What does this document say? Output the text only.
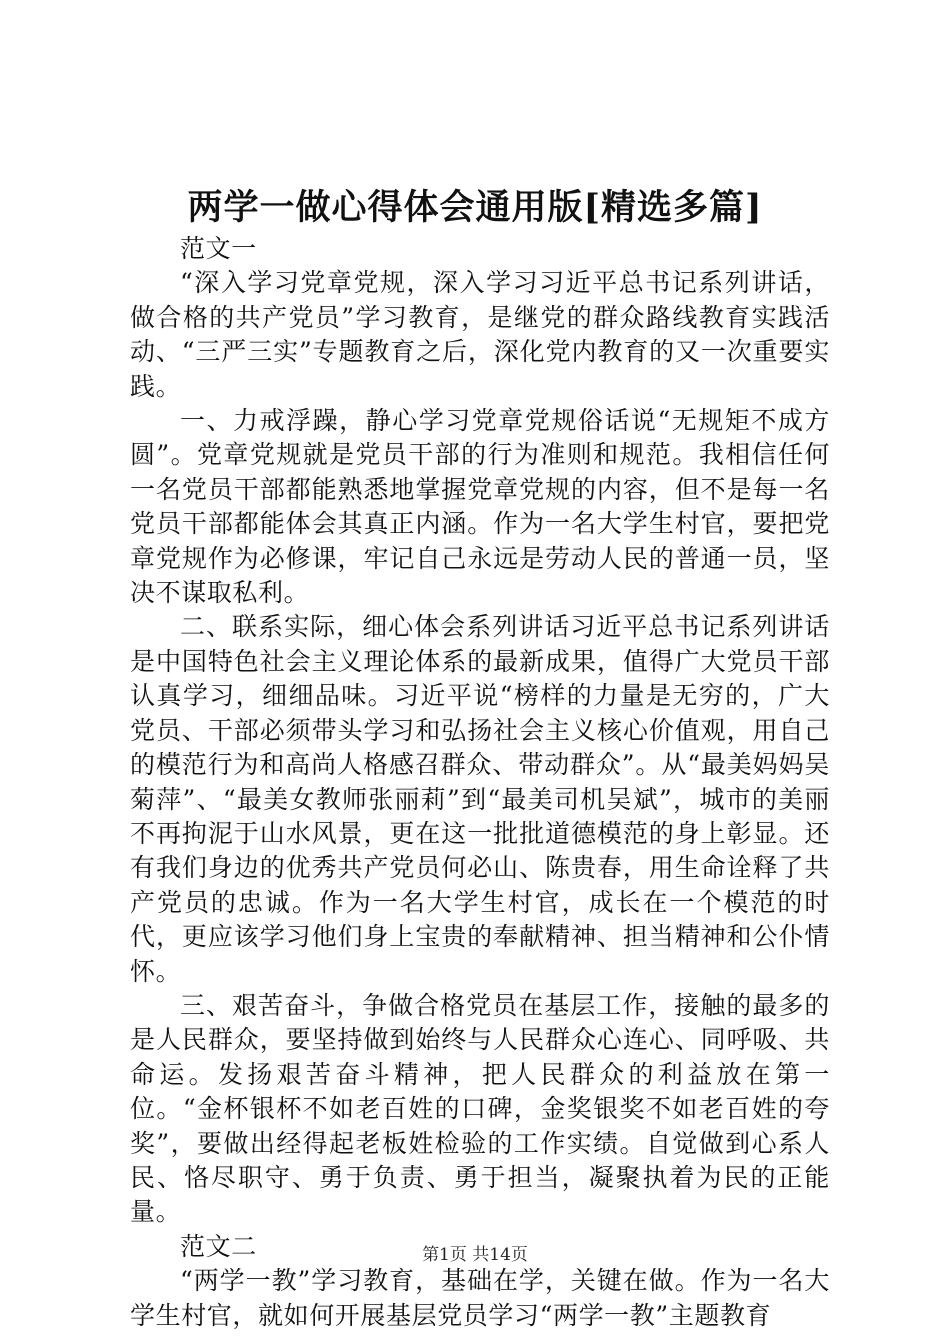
两学一做心得体会通用版[精选多篇]

范文一

“深入学习党章党规，深入学习习近平总书记系列讲话，做合格的共产党员”学习教育，是继党的群众路线教育实践活动、“三严三实”专题教育之后，深化党内教育的又一次重要实践。

一、力戒浮躁，静心学习党章党规俗话说“无规矩不成方圆”。党章党规就是党员干部的行为准则和规范。我相信任何一名党员干部都能熟悉地掌握党章党规的内容，但不是每一名党员干部都能体会其真正内涵。作为一名大学生村官，要把党章党规作为必修课，牢记自己永远是劳动人民的普通一员，坚决不谋取私利。

二、联系实际，细心体会系列讲话习近平总书记系列讲话是中国特色社会主义理论体系的最新成果，值得广大党员干部认真学习，细细品味。习近平说“榜样的力量是无穷的，广大党员、干部必须带头学习和弘扬社会主义核心价值观，用自己的模范行为和高尚人格感召群众、带动群众”。从“最美妈妈吴菊萍”、“最美女教师张丽莉”到“最美司机吴斌”，城市的美丽不再拘泥于山水风景，更在这一批批道德模范的身上彰显。还有我们身边的优秀共产党员何必山、陈贵春，用生命诠释了共产党员的忠诚。作为一名大学生村官，成长在一个模范的时代，更应该学习他们身上宝贵的奉献精神、担当精神和公仆情怀。

三、艰苦奋斗，争做合格党员在基层工作，接触的最多的是人民群众，要坚持做到始终与人民群众心连心、同呼吸、共命运。发扬艰苦奋斗精神，把人民群众的利益放在第一位。“金杯银杯不如老百姓的口碑，金奖银奖不如老百姓的夸奖”，要做出经得起老板姓检验的工作实绩。自觉做到心系人民、恪尽职守、勇于负责、勇于担当，凝聚执着为民的正能量。

范文二

“两学一教”学习教育，基础在学，关键在做。作为一名大学生村官，就如何开展基层党员学习“两学一教”主题教育

第1页 共14页
